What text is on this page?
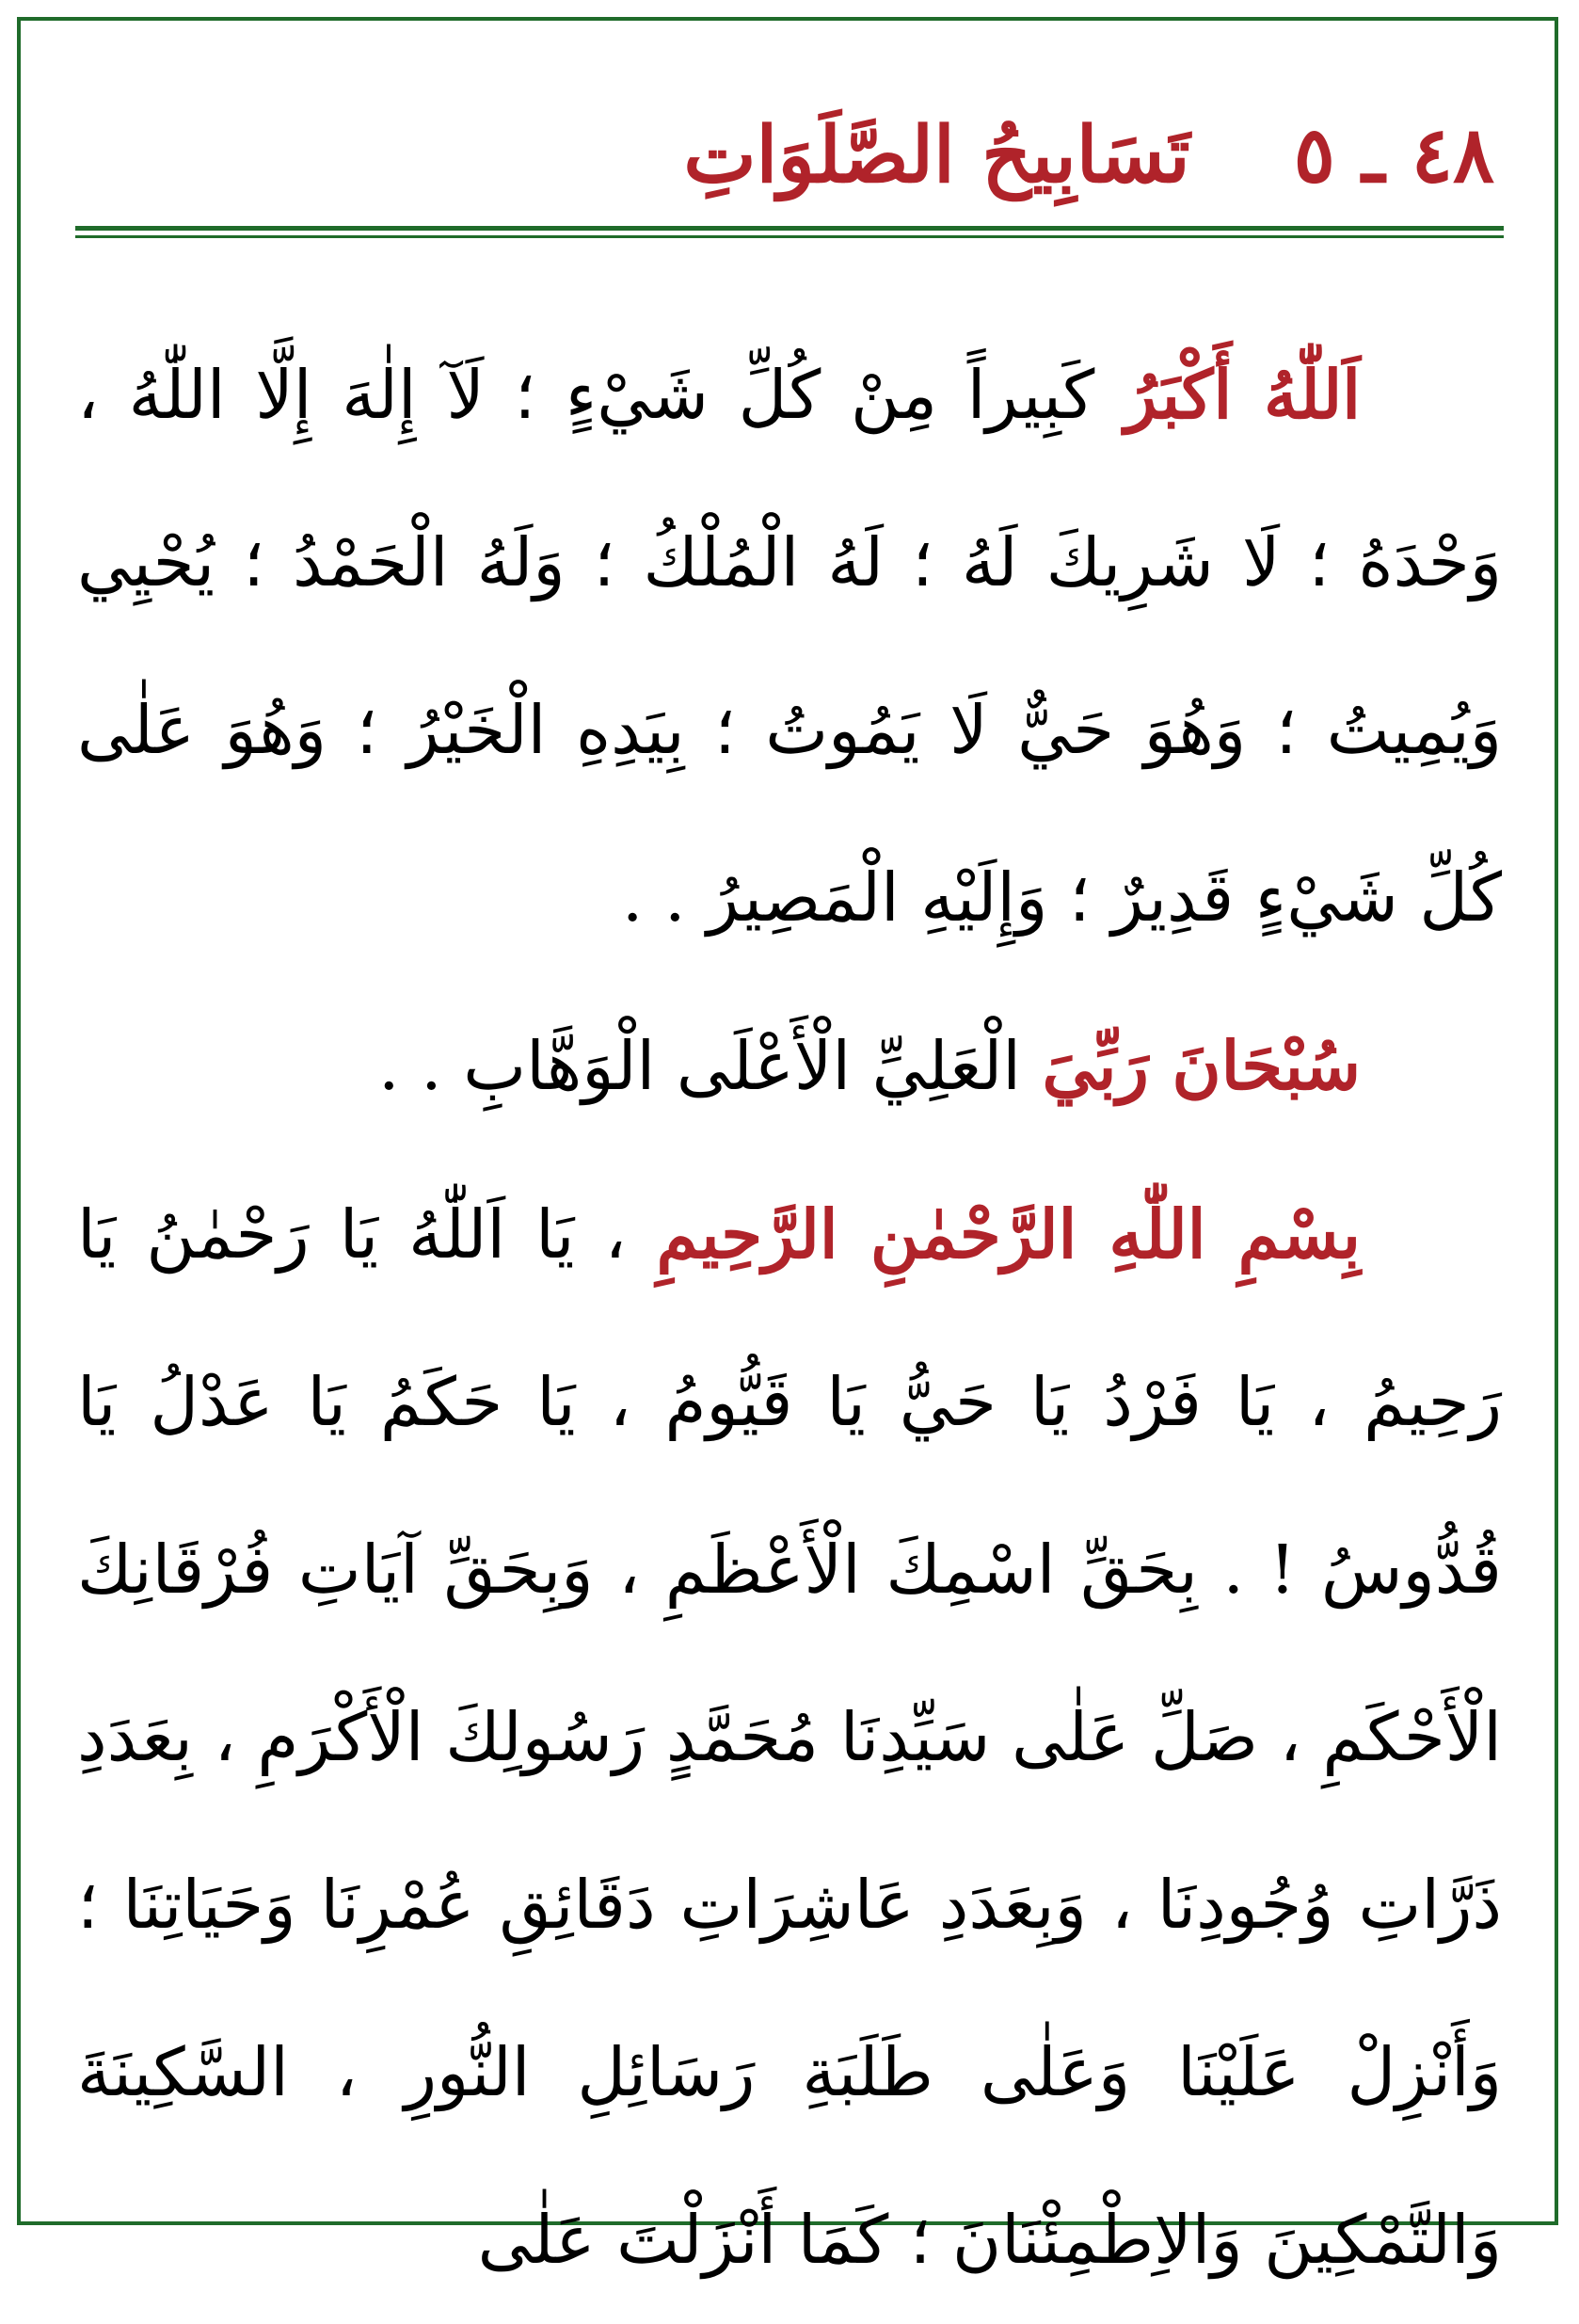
٤٨ ـ ٥
تَسَابِيحُ الصَّلَوَاتِ

اَللّٰهُ أَكْبَرُ كَبِيراً مِنْ كُلِّ شَيْءٍ ؛ لَآ إِلٰهَ إِلَّا اللّٰهُ ، وَحْدَهُ ؛ لَا شَرِيكَ لَهُ ؛ لَهُ الْمُلْكُ ؛ وَلَهُ الْحَمْدُ ؛ يُحْيِي وَيُمِيتُ ؛ وَهُوَ حَيٌّ لَا يَمُوتُ ؛ بِيَدِهِ الْخَيْرُ ؛ وَهُوَ عَلٰى كُلِّ شَيْءٍ قَدِيرٌ ؛ وَإِلَيْهِ الْمَصِيرُ . .

سُبْحَانَ رَبِّيَ الْعَلِيِّ الْأَعْلَى الْوَهَّابِ . .

بِسْمِ اللّٰهِ الرَّحْمٰنِ الرَّحِيمِ ، يَا اَللّٰهُ يَا رَحْمٰنُ يَا رَحِيمُ ، يَا فَرْدُ يَا حَيُّ يَا قَيُّومُ ، يَا حَكَمُ يَا عَدْلُ يَا قُدُّوسُ ! . بِحَقِّ اسْمِكَ الْأَعْظَمِ ، وَبِحَقِّ آيَاتِ فُرْقَانِكَ الْأَحْكَمِ ، صَلِّ عَلٰى سَيِّدِنَا مُحَمَّدٍ رَسُولِكَ الْأَكْرَمِ ، بِعَدَدِ ذَرَّاتِ وُجُودِنَا ، وَبِعَدَدِ عَاشِرَاتِ دَقَائِقِ عُمْرِنَا وَحَيَاتِنَا ؛ وَأَنْزِلْ عَلَيْنَا وَعَلٰى طَلَبَةِ رَسَائِلِ النُّورِ ، السَّكِينَةَ وَالتَّمْكِينَ وَالاِطْمِئْنَانَ ؛ كَمَا أَنْزَلْتَ عَلٰى
